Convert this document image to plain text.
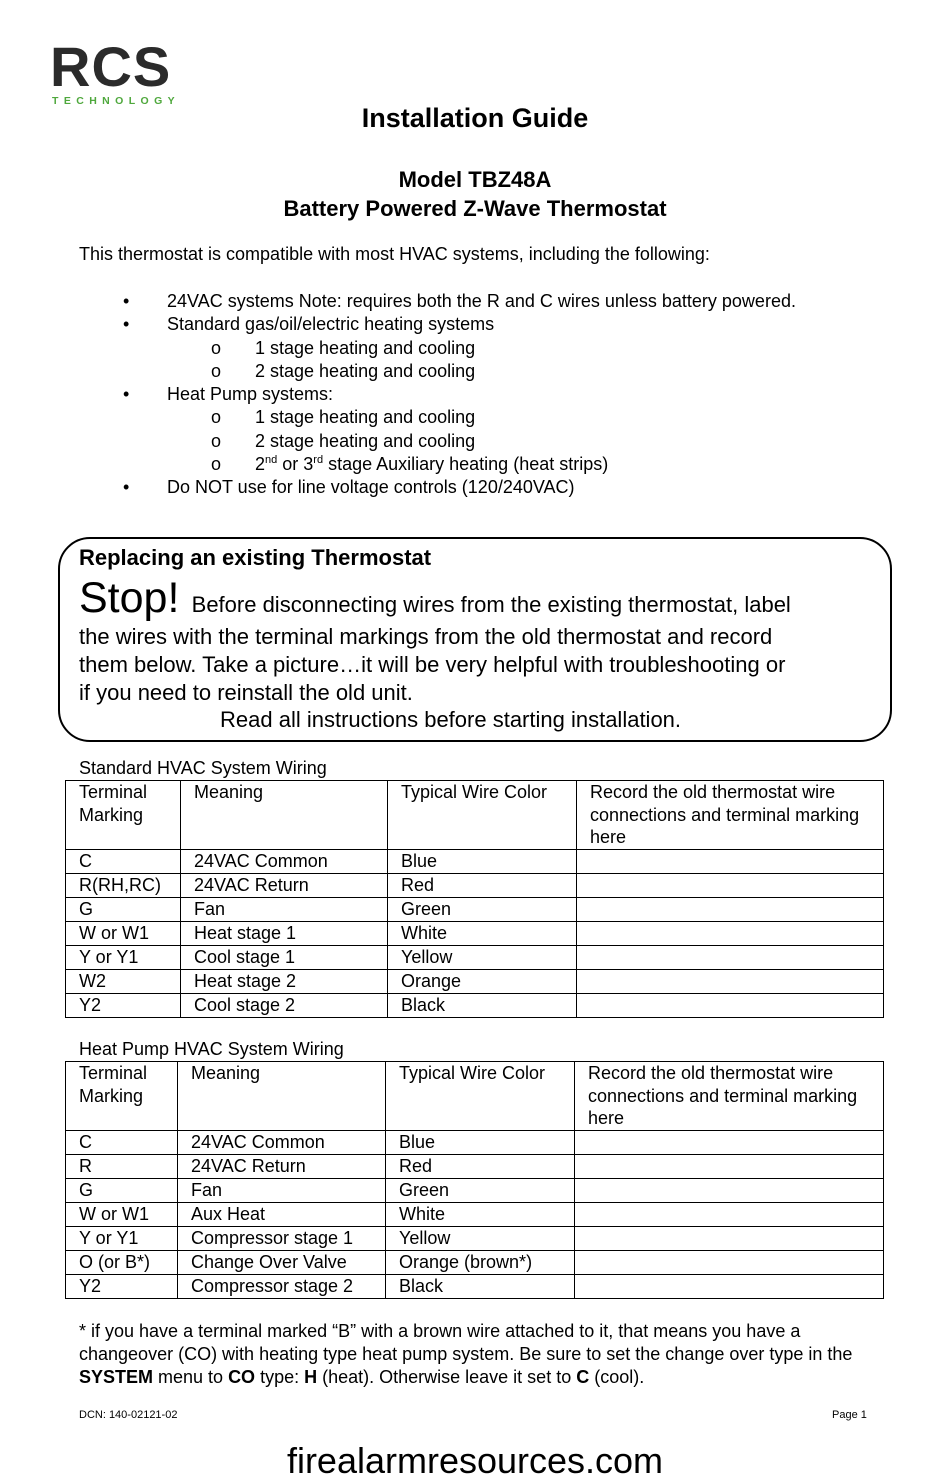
RCS
TECHNOLOGY
Installation Guide
Model TBZ48A
Battery Powered Z-Wave Thermostat
This thermostat is compatible with most HVAC systems, including the following:
• 24VAC systems Note: requires both the R and C wires unless battery powered.
• Standard gas/oil/electric heating systems
o 1 stage heating and cooling
o 2 stage heating and cooling
• Heat Pump systems:
o 1 stage heating and cooling
o 2 stage heating and cooling
o 2nd or 3rd stage Auxiliary heating (heat strips)
• Do NOT use for line voltage controls (120/240VAC)
Replacing an existing Thermostat
Stop! Before disconnecting wires from the existing thermostat, label
the wires with the terminal markings from the old thermostat and record
them below. Take a picture…it will be very helpful with troubleshooting or
if you need to reinstall the old unit.
Read all instructions before starting installation.
Standard HVAC System Wiring
Terminal Marking	Meaning	Typical Wire Color	Record the old thermostat wire connections and terminal marking here
C	24VAC Common	Blue	
R(RH,RC)	24VAC Return	Red	
G	Fan	Green	
W or W1	Heat stage 1	White	
Y or Y1	Cool stage 1	Yellow	
W2	Heat stage 2	Orange	
Y2	Cool stage 2	Black	
Heat Pump HVAC System Wiring
Terminal Marking	Meaning	Typical Wire Color	Record the old thermostat wire connections and terminal marking here
C	24VAC Common	Blue	
R	24VAC Return	Red	
G	Fan	Green	
W or W1	Aux Heat	White	
Y or Y1	Compressor stage 1	Yellow	
O (or B*)	Change Over Valve	Orange (brown*)	
Y2	Compressor stage 2	Black	
* if you have a terminal marked “B” with a brown wire attached to it, that means you have a changeover (CO) with heating type heat pump system. Be sure to set the change over type in the SYSTEM menu to CO type: H (heat). Otherwise leave it set to C (cool).
DCN: 140-02121-02	Page 1
firealarmresources.com
